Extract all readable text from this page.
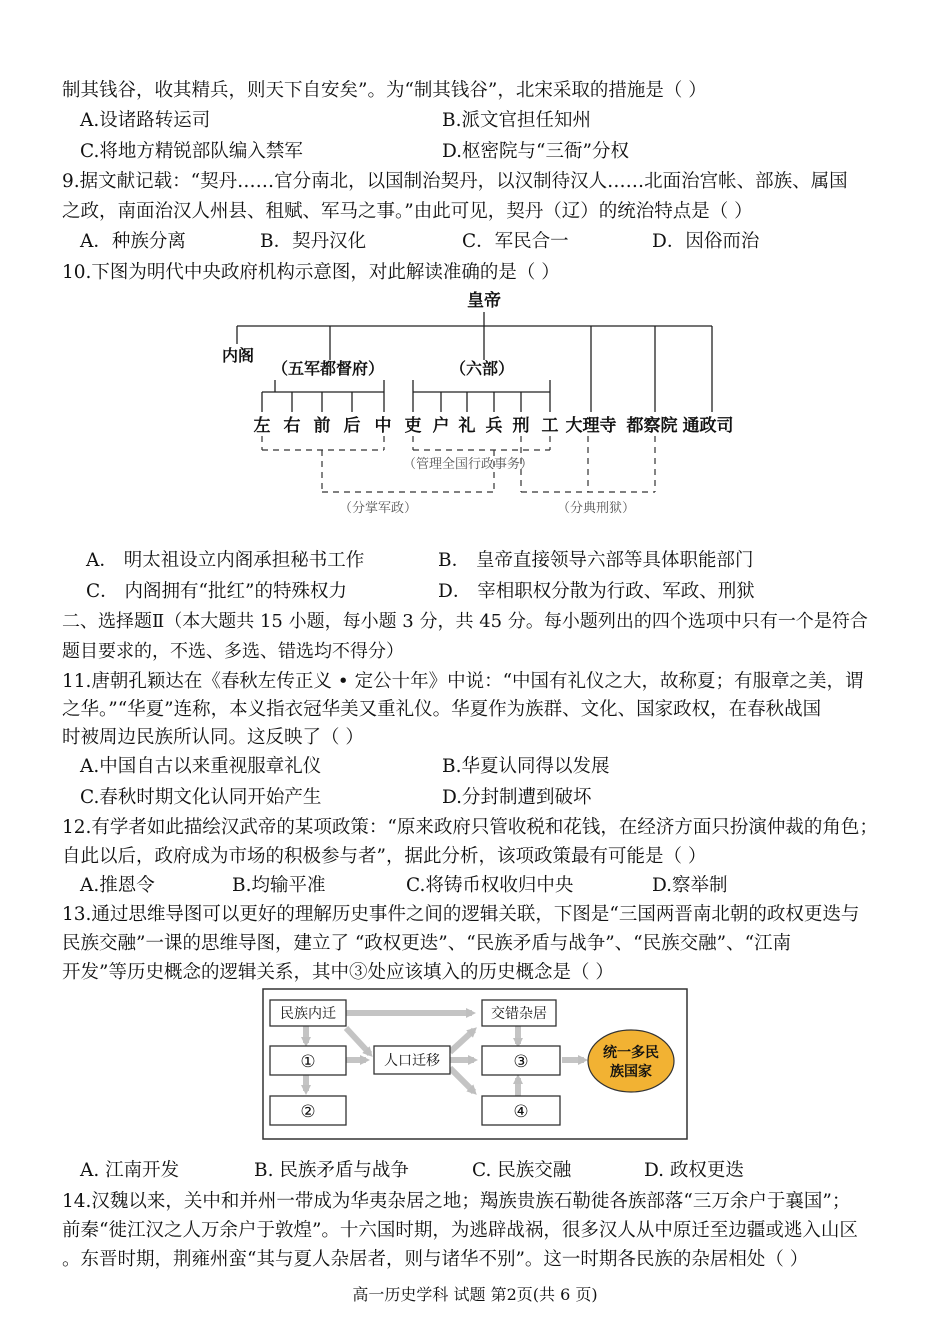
制其钱谷，收其精兵，则天下自安矣”。为“制其钱谷”，北宋采取的措施是（ ）
A.设诸路转运司	B.派文官担任知州
C.将地方精锐部队编入禁军	D.枢密院与“三衙”分权
9.据文献记载：“契丹……官分南北，以国制治契丹，以汉制待汉人……北面治宫帐、部族、属国
之政，南面治汉人州县、租赋、军马之事。”由此可见，契丹（辽）的统治特点是（ ）
A．种族分离	B．契丹汉化	C．军民合一	D．因俗而治
10.下图为明代中央政府机构示意图，对此解读准确的是（ ）
皇帝
内阁
（五军都督府）	（六部）
左 右 前 后 中 吏 户 礼 兵 刑 工 大理寺 都察院 通政司
（管理全国行政事务）
（分掌军政）	（分典刑狱）
A． 明太祖设立内阁承担秘书工作	B． 皇帝直接领导六部等具体职能部门
C． 内阁拥有“批红”的特殊权力	D． 宰相职权分散为行政、军政、刑狱
二、选择题Ⅱ（本大题共 15 小题，每小题 3 分，共 45 分。每小题列出的四个选项中只有一个是符合
题目要求的，不选、多选、错选均不得分）
11.唐朝孔颖达在《春秋左传正义 • 定公十年》中说：“中国有礼仪之大，故称夏；有服章之美，谓
之华。”“华夏”连称，本义指衣冠华美又重礼仪。华夏作为族群、文化、国家政权，在春秋战国
时被周边民族所认同。这反映了（ ）
A.中国自古以来重视服章礼仪	B.华夏认同得以发展
C.春秋时期文化认同开始产生	D.分封制遭到破坏
12.有学者如此描绘汉武帝的某项政策：“原来政府只管收税和花钱，在经济方面只扮演仲裁的角色；
自此以后，政府成为市场的积极参与者”，据此分析，该项政策最有可能是（ ）
A.推恩令	B.均输平准	C.将铸币权收归中央	D.察举制
13.通过思维导图可以更好的理解历史事件之间的逻辑关联，下图是“三国两晋南北朝的政权更迭与
民族交融”一课的思维导图，建立了 “政权更迭”、“民族矛盾与战争”、“民族交融”、“江南
开发”等历史概念的逻辑关系，其中③处应该填入的历史概念是（ ）
民族内迁	交错杂居
①
②
人口迁移	③
④
统一多民
族国家
A. 江南开发	B. 民族矛盾与战争	C. 民族交融	D. 政权更迭
14.汉魏以来，关中和并州一带成为华夷杂居之地；羯族贵族石勒徙各族部落“三万余户于襄国”；
前秦“徙江汉之人万余户于敦煌”。十六国时期，为逃辟战祸，很多汉人从中原迁至边疆或逃入山区
。东晋时期，荆雍州蛮“其与夏人杂居者，则与诸华不别”。这一时期各民族的杂居相处（ ）
高一历史学科 试题 第2页(共 6 页)
